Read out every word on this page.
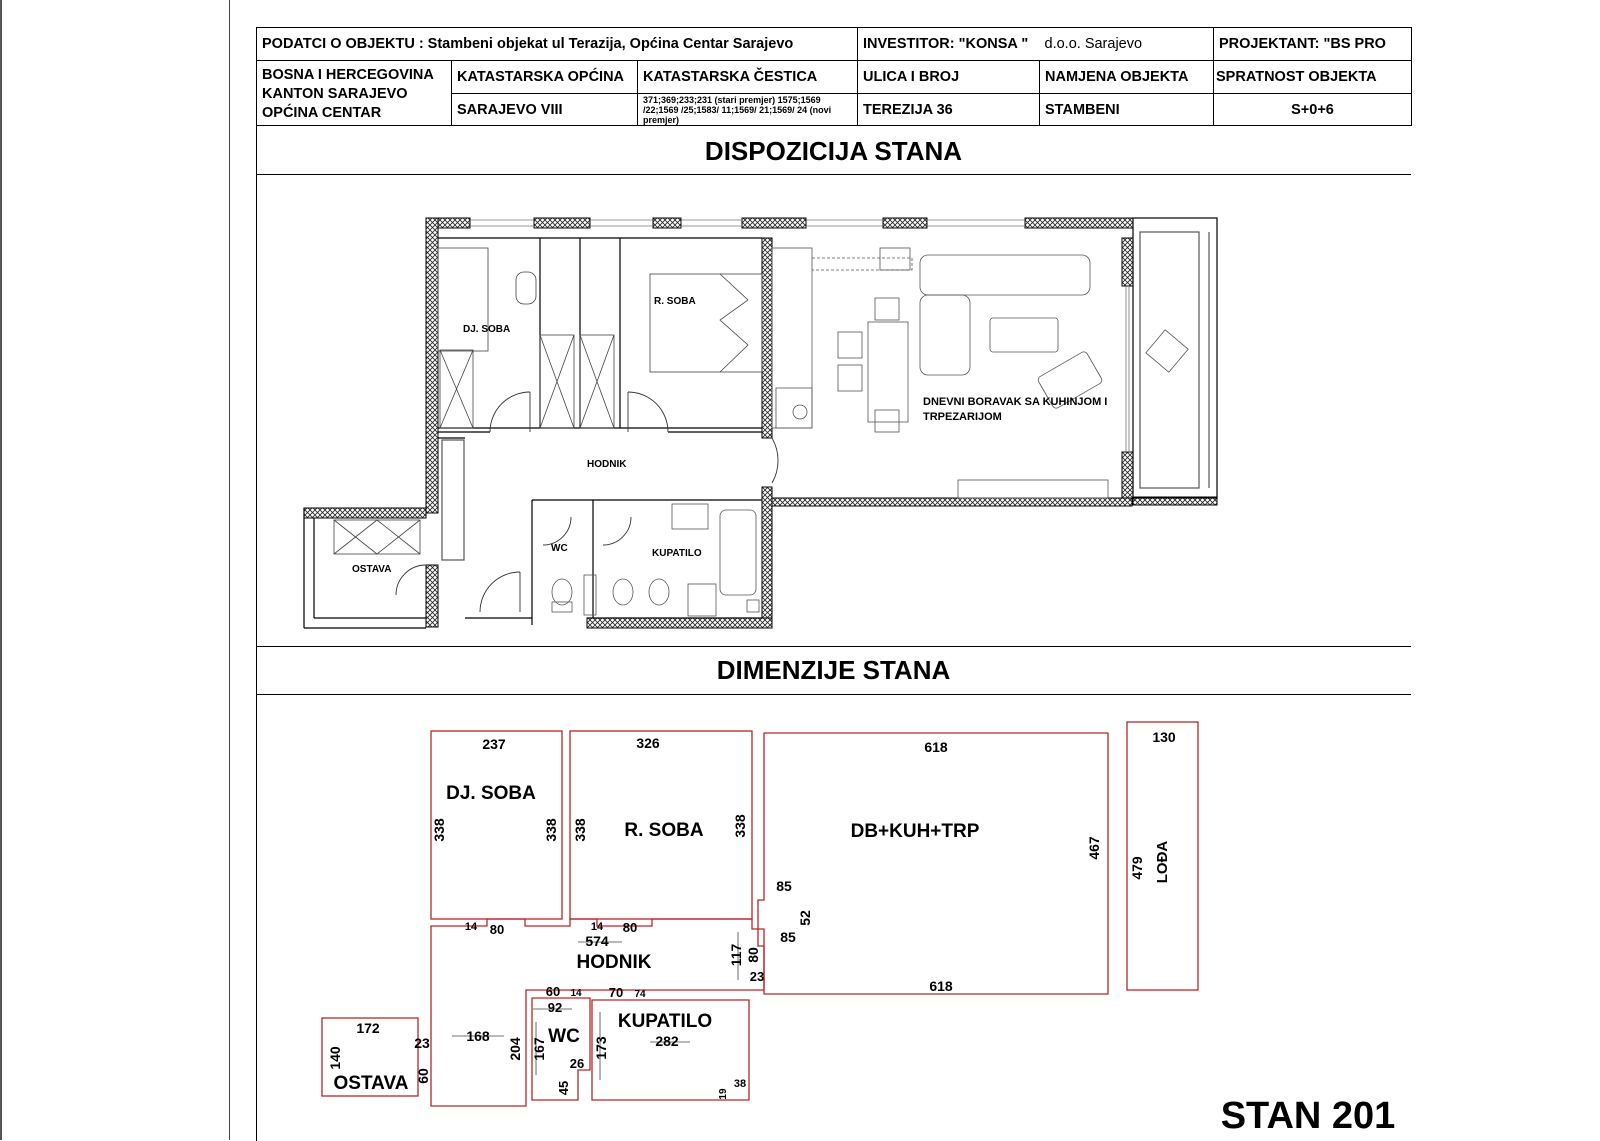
PODATCI O OBJEKTU : Stambeni objekat ul Terazija, Općina Centar Sarajevo			INVESTITOR: "KONSA "	d.o.o. Sarajevo	PROJEKTANT: "BS PRO

BOSNA I HERCEGOVINA
KANTON SARAJEVO
OPĆINA CENTAR	KATASTARSKA OPĆINA	KATASTARSKA ČESTICA	ULICA I BROJ	NAMJENA OBJEKTA	SPRATNOST OBJEKTA
	SARAJEVO VIII	371;369;233;231 (stari premjer) 1575;1569 /22;1569 /25;1583/ 11;1569/ 21;1569/ 24 (novi premjer)	TEREZIJA 36	STAMBENI	S+0+6
DISPOZICIJA STANA
DIMENZIJE STANA
DJ. SOBA
R. SOBA
HODNIK
WC	KUPATILO
OSTAVA
DNEVNI BORAVAK SA KUHINJOM I
TRPEZARIJOM
DJ. SOBA
R. SOBA	DB+KUH+TRP
HODNIK
WC
KUPATILO
OSTAVA
LOĐA
237
338	338
326
338	338
618
618
467
85
52
85
130
479
14 80	14 80
574
117 80
23
60
92
14 70 74
172
140
23
60
168
204 167
26
45
282
173
19
38
STAN 201
